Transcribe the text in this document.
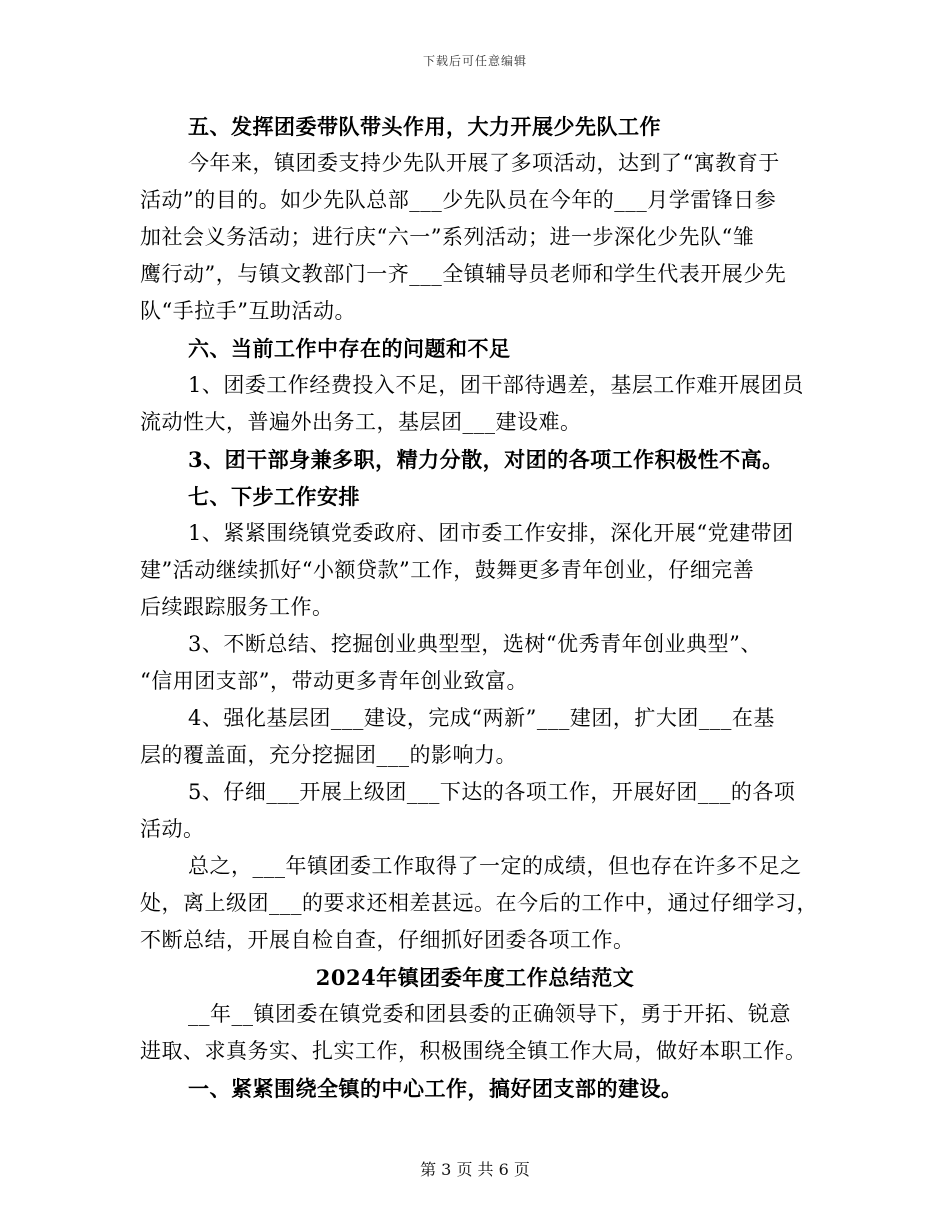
下载后可任意编辑
五、发挥团委带队带头作用，大力开展少先队工作
今年来，镇团委支持少先队开展了多项活动，达到了“寓教育于
活动”的目的。如少先队总部___少先队员在今年的___月学雷锋日参
加社会义务活动；进行庆“六一”系列活动；进一步深化少先队“雏
鹰行动”，与镇文教部门一齐___全镇辅导员老师和学生代表开展少先
队“手拉手”互助活动。
六、当前工作中存在的问题和不足
1、团委工作经费投入不足，团干部待遇差，基层工作难开展团员
流动性大，普遍外出务工，基层团___建设难。
3、团干部身兼多职，精力分散，对团的各项工作积极性不高。
七、下步工作安排
1、紧紧围绕镇党委政府、团市委工作安排，深化开展“党建带团
建”活动继续抓好“小额贷款”工作，鼓舞更多青年创业，仔细完善
后续跟踪服务工作。
3、不断总结、挖掘创业典型型，选树“优秀青年创业典型”、
“信用团支部”，带动更多青年创业致富。
4、强化基层团___建设，完成“两新”___建团，扩大团___在基
层的覆盖面，充分挖掘团___的影响力。
5、仔细___开展上级团___下达的各项工作，开展好团___的各项
活动。
总之，___年镇团委工作取得了一定的成绩，但也存在许多不足之
处，离上级团___的要求还相差甚远。在今后的工作中，通过仔细学习，
不断总结，开展自检自查，仔细抓好团委各项工作。
2024年镇团委年度工作总结范文
__年__镇团委在镇党委和团县委的正确领导下，勇于开拓、锐意
进取、求真务实、扎实工作，积极围绕全镇工作大局，做好本职工作。
一、紧紧围绕全镇的中心工作，搞好团支部的建设。
第 3 页 共 6 页
